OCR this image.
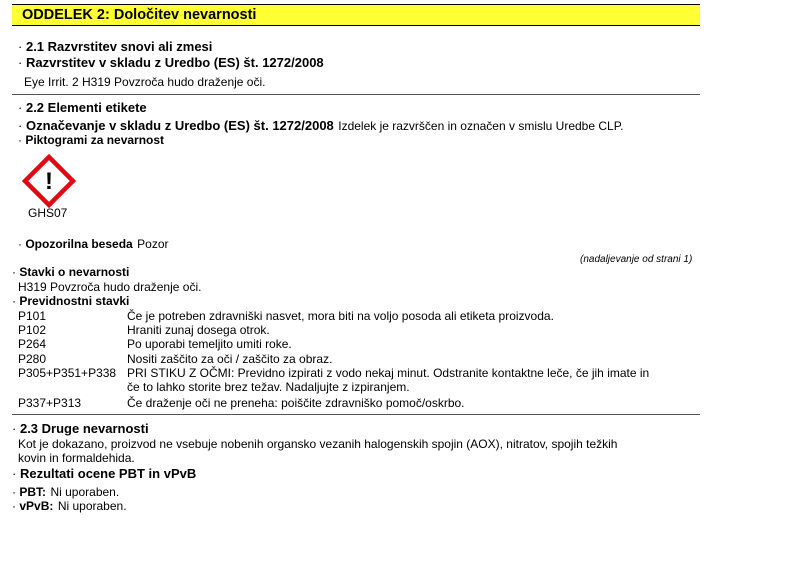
ODDELEK 2: Določitev nevarnosti
· 2.1 Razvrstitev snovi ali zmesi
· Razvrstitev v skladu z Uredbo (ES) št. 1272/2008
Eye Irrit. 2 H319 Povzroča hudo draženje oči.
· 2.2 Elementi etikete
· Označevanje v skladu z Uredbo (ES) št. 1272/2008 Izdelek je razvrščen in označen v smislu Uredbe CLP.
· Piktogrami za nevarnost
!
GHS07
· Opozorilna beseda Pozor
(nadaljevanje od strani 1)
· Stavki o nevarnosti
H319 Povzroča hudo draženje oči.
· Previdnostni stavki
P101	Če je potreben zdravniški nasvet, mora biti na voljo posoda ali etiketa proizvoda.
P102	Hraniti zunaj dosega otrok.
P264	Po uporabi temeljito umiti roke.
P280	Nositi zaščito za oči / zaščito za obraz.
P305+P351+P338 PRI STIKU Z OČMI: Previdno izpirati z vodo nekaj minut. Odstranite kontaktne leče, če jih imate in
če to lahko storite brez težav. Nadaljujte z izpiranjem.
P337+P313	Če draženje oči ne preneha: poiščite zdravniško pomoč/oskrbo.
· 2.3 Druge nevarnosti
Kot je dokazano, proizvod ne vsebuje nobenih organsko vezanih halogenskih spojin (AOX), nitratov, spojih težkih
kovin in formaldehida.
· Rezultati ocene PBT in vPvB
· PBT: Ni uporaben.
· vPvB: Ni uporaben.
